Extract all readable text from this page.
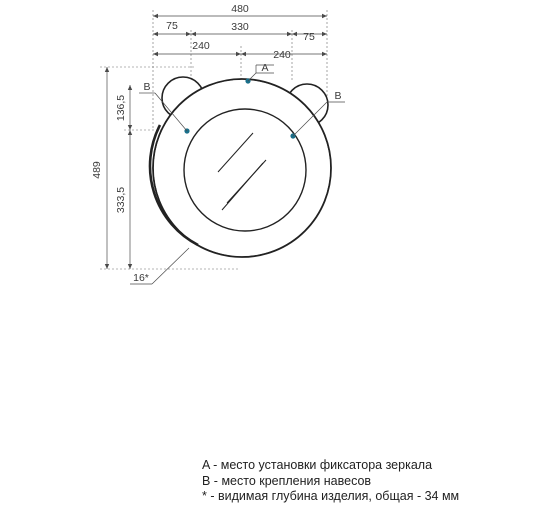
480
75	330
75
240
240
489
136,5
333,5
A
B
B
16*
A - место установки фиксатора зеркала
B - место крепления навесов
* - видимая глубина изделия, общая - 34 мм
